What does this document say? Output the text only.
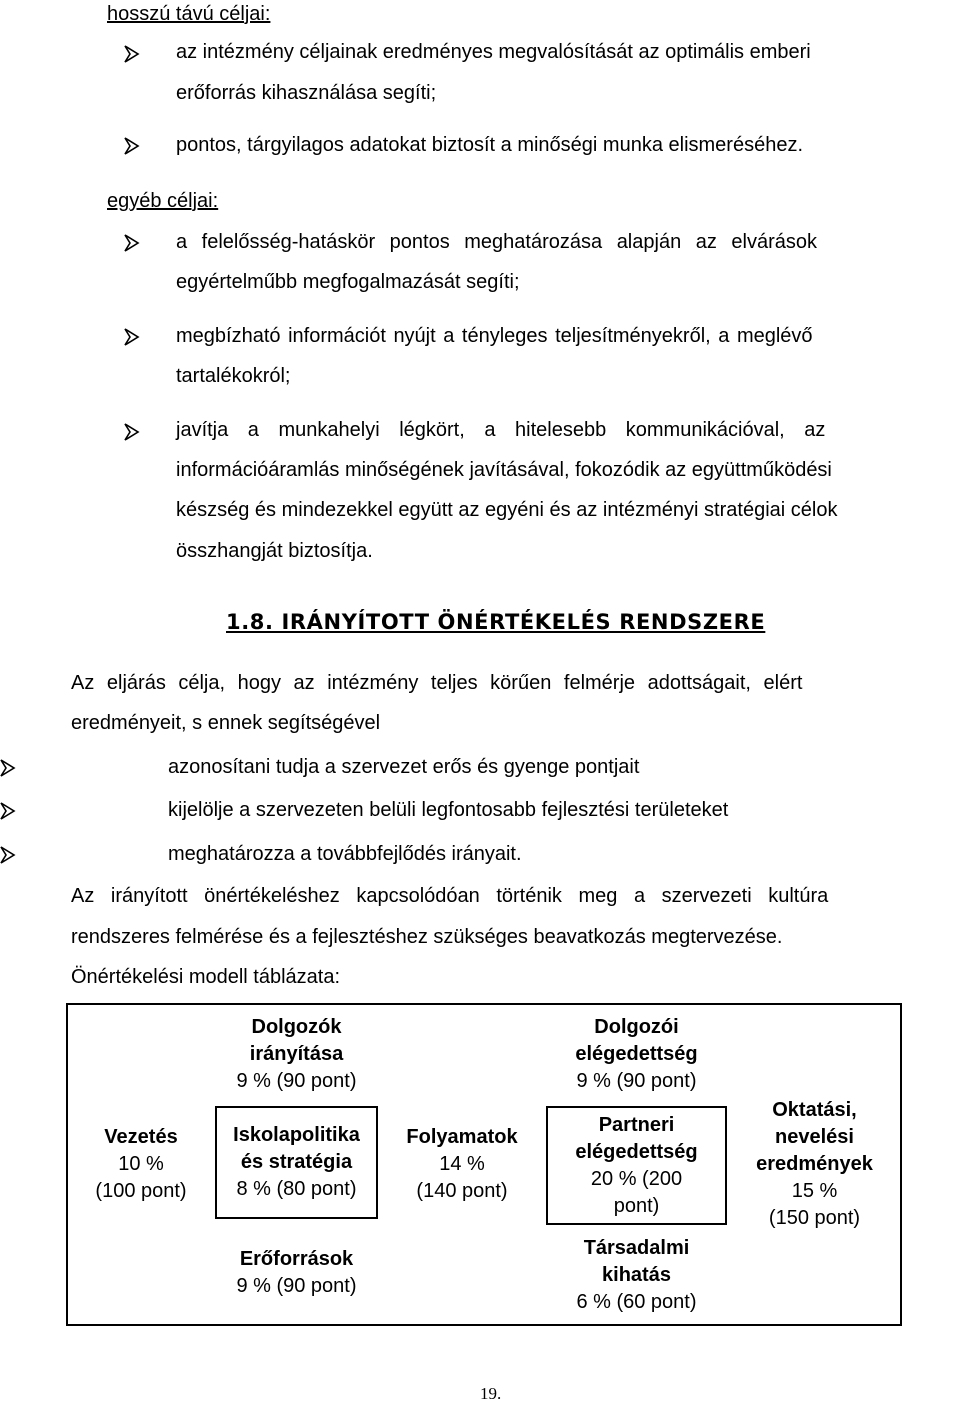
hosszú távú céljai:
az intézmény céljainak eredményes megvalósítását az optimális emberi
erőforrás kihasználása segíti;
pontos, tárgyilagos adatokat biztosít a minőségi munka elismeréséhez.
egyéb céljai:
a felelősség-hatáskör pontos meghatározása alapján az elvárások
egyértelműbb megfogalmazását segíti;
megbízható információt nyújt a tényleges teljesítményekről, a meglévő
tartalékokról;
javítja a munkahelyi légkört, a hitelesebb kommunikációval, az
információáramlás minőségének javításával, fokozódik az együttműködési
készség és mindezekkel együtt az egyéni és az intézményi stratégiai célok
összhangját biztosítja.
1.8. IRÁNYÍTOTT ÖNÉRTÉKELÉS RENDSZERE
Az eljárás célja, hogy az intézmény teljes körűen felmérje adottságait, elért
eredményeit, s ennek segítségével
azonosítani tudja a szervezet erős és gyenge pontjait
kijelölje a szervezeten belüli legfontosabb fejlesztési területeket
meghatározza a továbbfejlődés irányait.
Az irányított önértékeléshez kapcsolódóan történik meg a szervezeti kultúra
rendszeres felmérése és a fejlesztéshez szükséges beavatkozás megtervezése.
Önértékelési modell táblázata:
Vezetés
10 %
(100 pont)
Dolgozók
irányítása
9 % (90 pont)
Iskolapolitika
és stratégia
8 % (80 pont)
Erőforrások
9 % (90 pont)
Folyamatok
14 %
(140 pont)
Dolgozói
elégedettség
9 % (90 pont)
Partneri
elégedettség
20 % (200
pont)
Társadalmi
kihatás
6 % (60 pont)
Oktatási,
nevelési
eredmények
15 %
(150 pont)
19.
